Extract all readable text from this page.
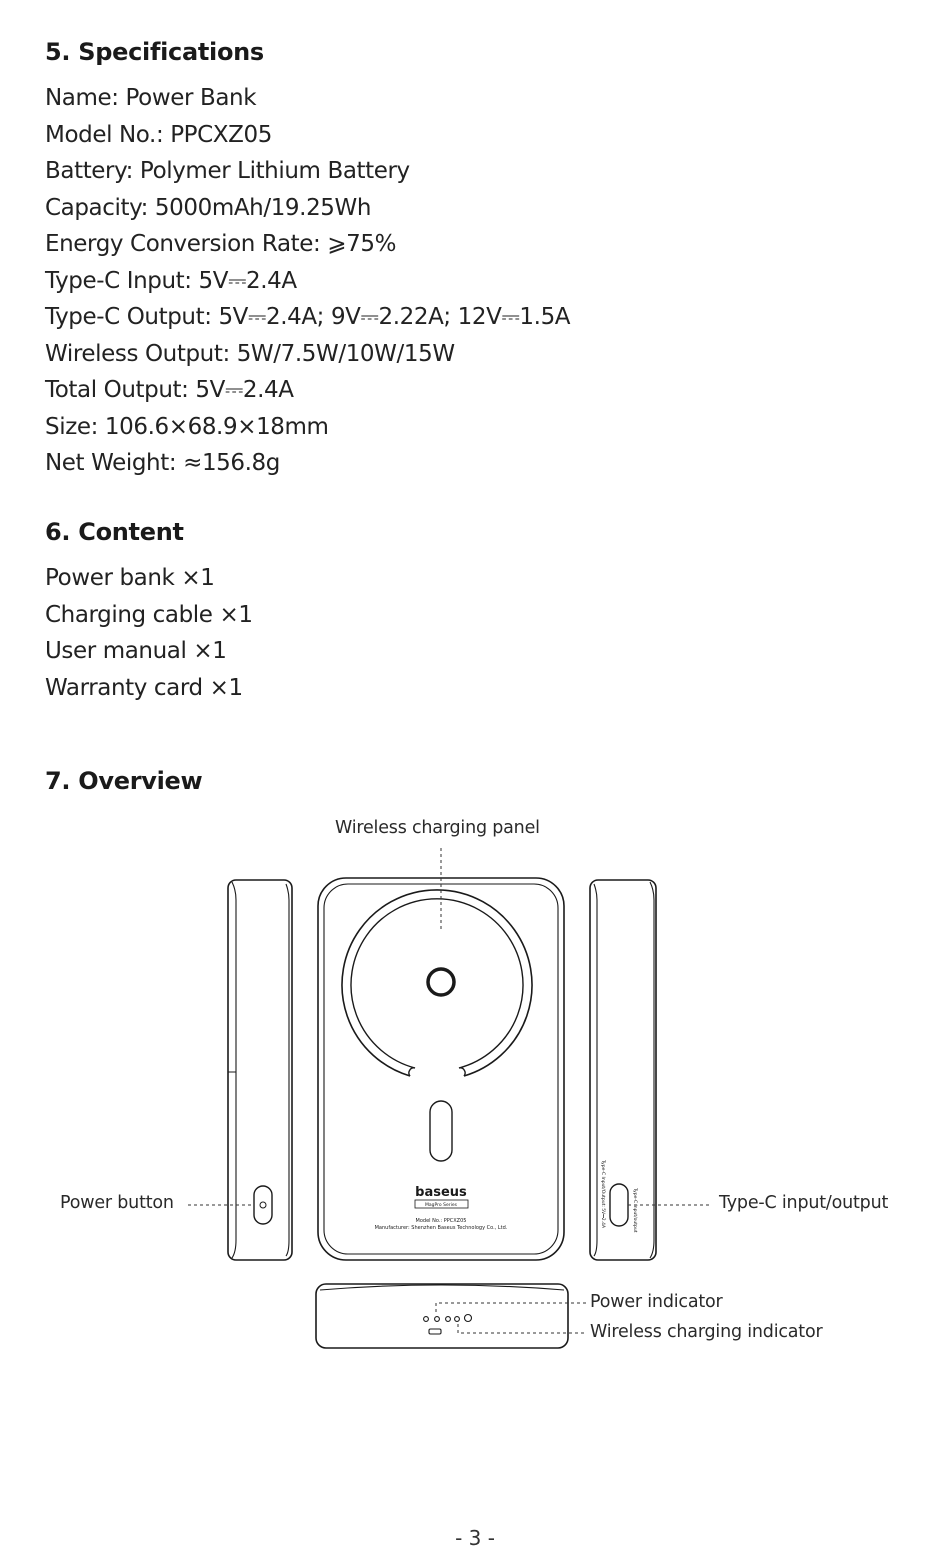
5. Specifications
Name: Power Bank
Model No.: PPCXZ05
Battery: Polymer Lithium Battery
Capacity: 5000mAh/19.25Wh
Energy Conversion Rate: ⩾75%
Type-C Input: 5V⎓2.4A
Type-C Output: 5V⎓2.4A; 9V⎓2.22A; 12V⎓1.5A
Wireless Output: 5W/7.5W/10W/15W
Total Output: 5V⎓2.4A
Size: 106.6×68.9×18mm
Net Weight: ≈156.8g
6. Content
Power bank ×1
Charging cable ×1
User manual ×1
Warranty card ×1
7. Overview
baseus
MagPro Series
Model No.: PPCXZ05
Manufacturer: Shenzhen Baseus Technology Co., Ltd.	Type-C Input/Output: 5V⎓2.4A	Type-C input/output
Wireless charging panel
Power button	Type-C input/output
Power indicator
Wireless charging indicator
- 3 -
